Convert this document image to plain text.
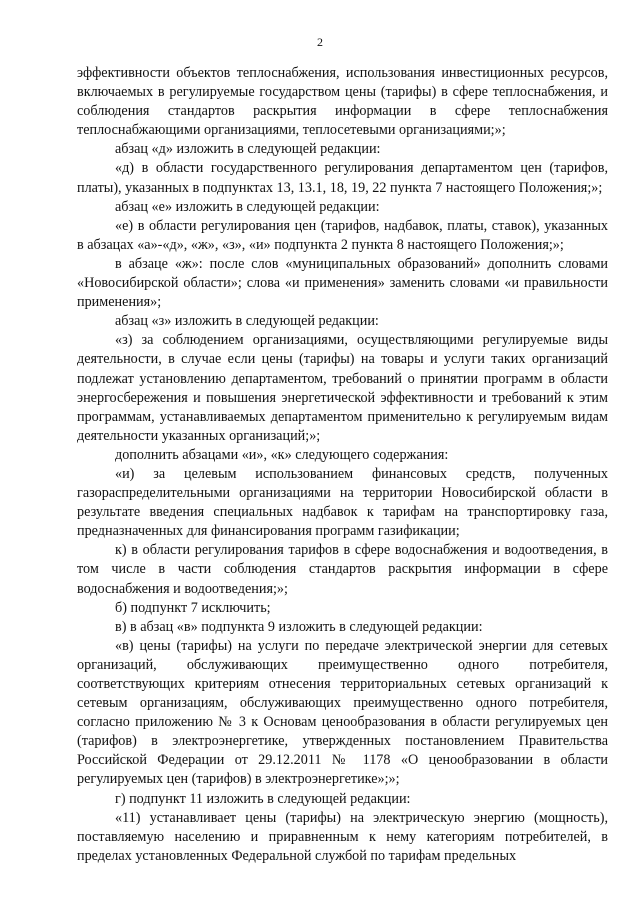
2

эффективности объектов теплоснабжения, использования инвестиционных ресурсов, включаемых в регулируемые государством цены (тарифы) в сфере теплоснабжения, и соблюдения стандартов раскрытия информации в сфере теплоснабжения теплоснабжающими организациями, теплосетевыми организациями;»;

абзац «д» изложить в следующей редакции:

«д) в области государственного регулирования департаментом цен (тарифов, платы), указанных в подпунктах 13, 13.1, 18, 19, 22 пункта 7 настоящего Положения;»;

абзац «е» изложить в следующей редакции:

«е) в области регулирования цен (тарифов, надбавок, платы, ставок), указанных в абзацах «а»-«д», «ж», «з», «и» подпункта 2 пункта 8 настоящего Положения;»;

в абзаце «ж»: после слов «муниципальных образований» дополнить словами «Новосибирской области»; слова «и применения» заменить словами «и правильности применения»;

абзац «з» изложить в следующей редакции:

«з) за соблюдением организациями, осуществляющими регулируемые виды деятельности, в случае если цены (тарифы) на товары и услуги таких организаций подлежат установлению департаментом, требований о принятии программ в области энергосбережения и повышения энергетической эффективности и требований к этим программам, устанавливаемых департаментом применительно к регулируемым видам деятельности указанных организаций;»;

дополнить абзацами «и», «к» следующего содержания:

«и) за целевым использованием финансовых средств, полученных газораспределительными организациями на территории Новосибирской области в результате введения специальных надбавок к тарифам на транспортировку газа, предназначенных для финансирования программ газификации;

к) в области регулирования тарифов в сфере водоснабжения и водоотведения, в том числе в части соблюдения стандартов раскрытия информации в сфере водоснабжения и водоотведения;»;

б) подпункт 7 исключить;

в) в абзац «в» подпункта 9 изложить в следующей редакции:

«в) цены (тарифы) на услуги по передаче электрической энергии для сетевых организаций, обслуживающих преимущественно одного потребителя, соответствующих критериям отнесения территориальных сетевых организаций к сетевым организациям, обслуживающих преимущественно одного потребителя, согласно приложению № 3 к Основам ценообразования в области регулируемых цен (тарифов) в электроэнергетике, утвержденных постановлением Правительства Российской Федерации от 29.12.2011 № 1178 «О ценообразовании в области регулируемых цен (тарифов) в электроэнергетике»;»;

г) подпункт 11 изложить в следующей редакции:

«11) устанавливает цены (тарифы) на электрическую энергию (мощность), поставляемую населению и приравненным к нему категориям потребителей, в пределах установленных Федеральной службой по тарифам предельных
